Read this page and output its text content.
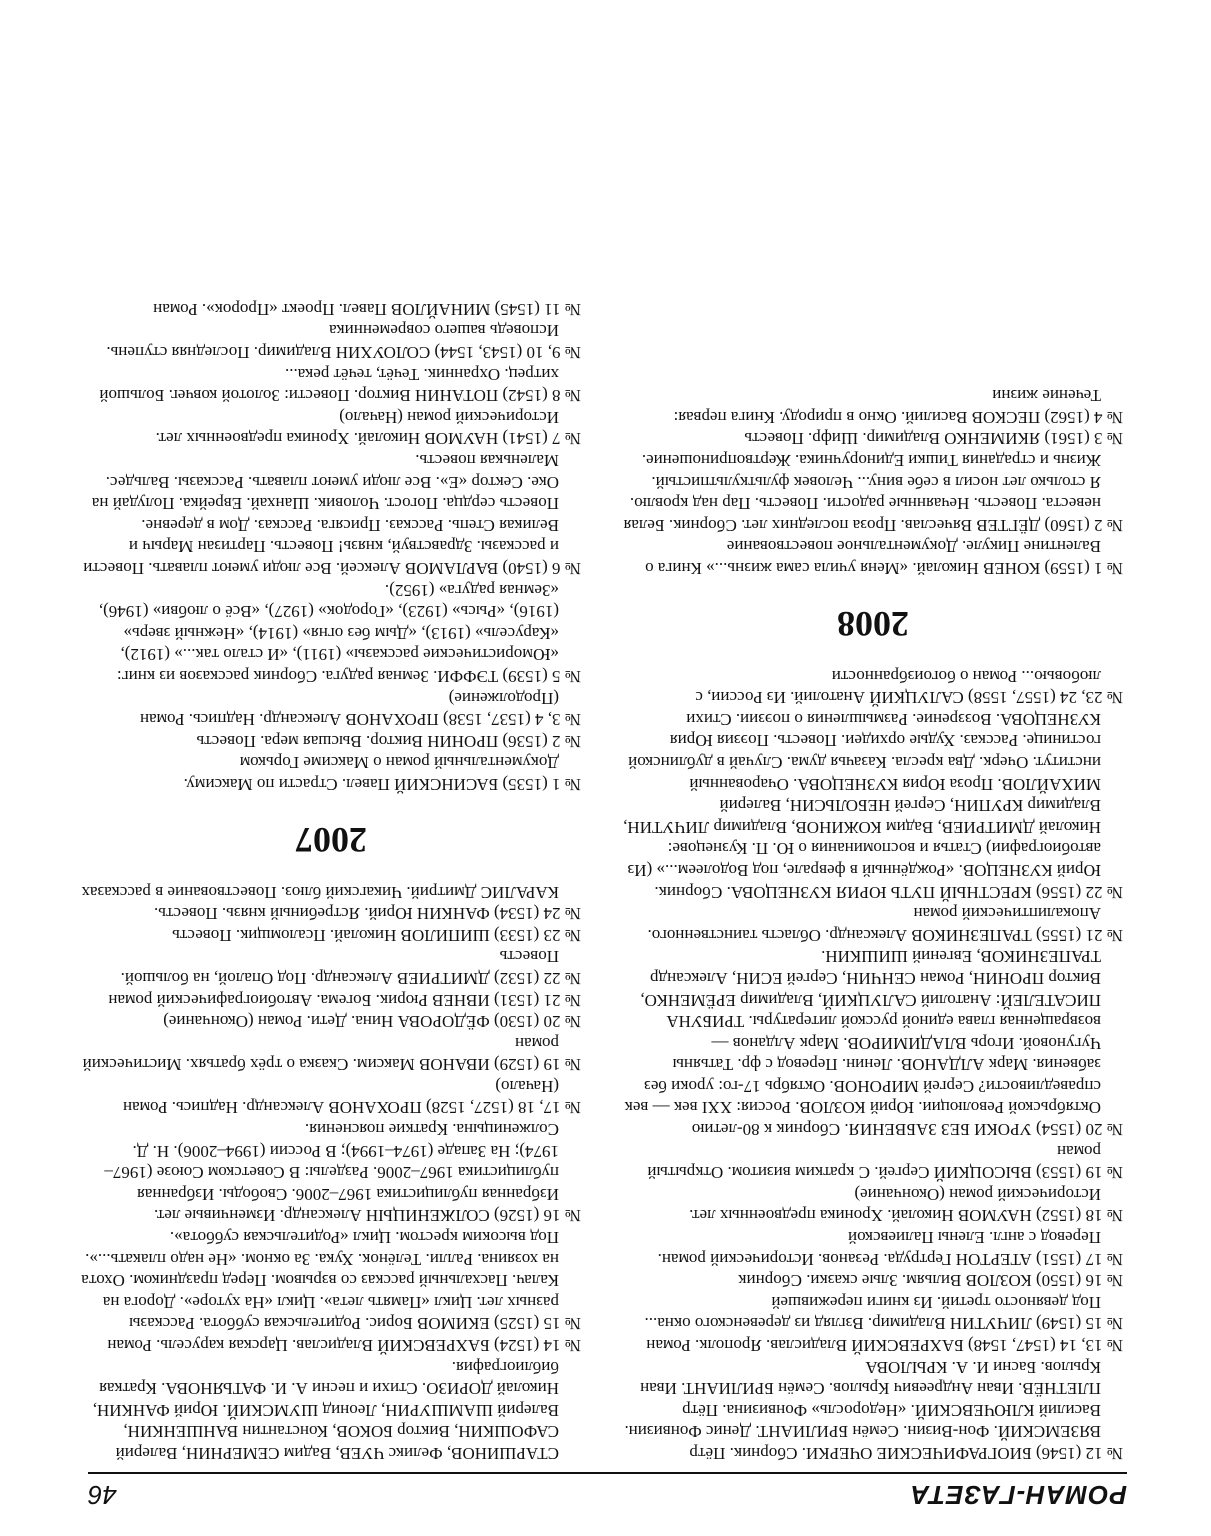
РОМАН-ГАЗЕТА
46
СТАРШИНОВ, Феликс ЧУЕВ, Вадим СЕМЕРНИН, Валерий САФОШКИН, Виктор БОКОВ, Константин ВАНШЕНКИН, Валерий ШАМШУРИН, Леонид ШУМСКИЙ. Юрий ФАНКИН, Николай ДОРИЗО. Стихи и песни А. И. ФАТЬЯНОВА. Краткая библиография.
№ 14 (1524) БАХРЕВСКИЙ Владислав. Царская карусель. Роман
№ 15 (1525) ЕКИМОВ Борис. Родительская суббота. Рассказы разных лет. Цикл «Память лета». Цикл «На хуторе». Дорога на Калач. Пасхальный рассказ со взрывом. Перед праздником. Охота на хозяина. Ралли. Телёнок. Хука. За окном. «Не надо плакать...». Под высоким крестом. Цикл «Родительская суббота».
№ 16 (1526) СОЛЖЕНИЦЫН Александр. Изменчивые лет. Избранная публицистика 1967–2006. Свободы. Избранная публицистика 1967–2006. Разделы: В Советском Союзе (1967–1974); На Западе (1974–1994); В России (1994–2006). Н. Д. Солженицына. Краткие пояснения.
№ 17, 18 (1527, 1528) ПРОХАНОВ Александр. Надпись. Роман (Начало)
№ 19 (1529) ИВАНОВ Максим. Сказка о трёх братьях. Мистический роман
№ 20 (1530) ФЁДОРОВА Нина. Дети. Роман (Окончание)
№ 21 (1531) ИВНЕВ Рюрик. Богема. Автобиографический роман
№ 22 (1532) ДМИТРИЕВ Александр. Под Опалой, на большой. Повесть
№ 23 (1533) ШИПИЛОВ Николай. Псаломщик. Повесть
№ 24 (1534) ФАНКИН Юрий. Ястребиный князь. Повесть. КАРАЛИС Дмитрий. Чикагский блюз. Повествование в рассказах
2007
№ 1 (1535) БАСИНСКИЙ Павел. Страсти по Максиму. Документальный роман о Максиме Горьком
№ 2 (1536) ПРОНИН Виктор. Высшая мера. Повесть
№ 3, 4 (1537, 1538) ПРОХАНОВ Александр. Надпись. Роман (Продолжение)
№ 5 (1539) ТЭФФИ. Земная радуга. Сборник рассказов из книг: «Юмористические рассказы» (1911), «И стало так...» (1912), «Карусель» (1913), «Дым без огня» (1914), «Нежный зверь» (1916), «Рысь» (1923), «Городок» (1927), «Всё о любви» (1946), «Земная радуга» (1952).
№ 6 (1540) ВАРЛАМОВ Алексей. Все люди умеют плавать. Повести и рассказы. Здравствуй, князь! Повесть. Партизан Марыч и Великая Степь. Рассказ. Присяга. Рассказ. Дом в деревне. Повесть сердца. Погост. Чоловик. Шанхай. Еврейка. Полудай на Оке. Сектор «Е». Все люди умеют плавать. Рассказы. Вальдес. Маленькая повесть.
№ 7 (1541) НАУМОВ Николай. Хроника предвоенных лет. Исторический роман (Начало)
№ 8 (1542) ПОТАНИН Виктор. Повести: Золотой ковчег. Большой хитрец. Охранник. Течёт, течёт река...
№ 9, 10 (1543, 1544) СОЛОУХИН Владимир. Последняя ступень. Исповедь вашего современника
№ 11 (1545) МИНАЙЛОВ Павел. Проект «Пророк». Роман
№ 12 (1546) БИОГРАФИЧЕСКИЕ ОЧЕРКИ. Сборник. Пётр ВЯЗЕМСКИЙ. Фон-Визин. Семён БРИЛИАНТ. Денис Фонвизин. Василий КЛЮЧЕВСКИЙ. «Недоросль» Фонвизина. Пётр ПЛЕТНЁВ. Иван Андреевич Крылов. Семён БРИЛИАНТ. Иван Крылов. Басни И. А. КРЫЛОВА
№ 13, 14 (1547, 1548) БАХРЕВСКИЙ Владислав. Ярополк. Роман
№ 15 (1549) ЛИЧУТИН Владимир. Взгляд из деревенского окна... Под девяносто третий. Из книги пережившей
№ 16 (1550) КОЗЛОВ Вильям. Злые сказки. Сборник
№ 17 (1551) АТЕРТОН Гертруда. Резанов. Исторический роман. Перевод с англ. Елены Палиевской
№ 18 (1552) НАУМОВ Николай. Хроника предвоенных лет. Исторический роман (Окончание)
№ 19 (1553) ВЫСОЦКИЙ Сергей. С кратким визитом. Открытый роман
№ 20 (1554) УРОКИ БЕЗ ЗАБВЕНИЯ. Сборник к 80-летию Октябрьской Революции. Юрий КОЗЛОВ. Россия: XXI век — век справедливости? Сергей МИРОНОВ. Октябрь 17-го: уроки без забвения. Марк АЛДАНОВ. Ленин. Перевод с фр. Татьяны Чугуновой. Игорь ВЛАДИМИРОВ. Марк Алданов — возвращенная глава единой русской литературы. ТРИБУНА ПИСАТЕЛЕЙ: Анатолий САЛУЦКИЙ, Владимир ЕРЁМЕНКО, Виктор ПРОНИН, Роман СЕНЧИН, Сергей ЕСИН, Александр ТРАПЕЗНИКОВ, Евгений ШИШКИН.
№ 21 (1555) ТРАПЕЗНИКОВ Александр. Область таинственного. Апокалиптический роман
№ 22 (1556) КРЕСТНЫЙ ПУТЬ ЮРИЯ КУЗНЕЦОВА. Сборник. Юрий КУЗНЕЦОВ. «Рождённый в феврале, под Водолеем...» (Из автобиографии) Статья и воспоминания о Ю. П. Кузнецове: Николай ДМИТРИЕВ, Вадим КОЖИНОВ, Владимир ЛИЧУТИН, Владимир КРУПИН, Сергей НЕБОЛЬСИН, Валерий МИХАЙЛОВ. Проза Юрия КУЗНЕЦОВА. Очарованный институт. Очерк. Два кресла. Казачья дума. Случай в дублинской гостинице. Рассказ. Худые орхидеи. Повесть. Поэзия Юрия КУЗНЕЦОВА. Воззрение. Размышления о поэзии. Стихи
№ 23, 24 (1557, 1558) САЛУЦКИЙ Анатолий. Из России, с любовью... Роман о богоизбранности
2008
№ 1 (1559) КОНЕВ Николай. «Меня учила сама жизнь...» Книга о Валентине Пикуле. Документальное повествование
№ 2 (1560) ДЁГТЕВ Вячеслав. Проза последних лет. Сборник. Белая невеста. Повесть. Нечаянные радости. Повесть. Пар над кровлю. Я столько лет носил в себе вину... Человек фульткультпистый. Жизнь и страдания Тишки Единоручника. Жертвоприношение.
№ 3 (1561) ЯКИМЕНКО Владимир. Шифр. Повесть
№ 4 (1562) ПЕСКОВ Василий. Окно в природу. Книга первая: Течение жизни
